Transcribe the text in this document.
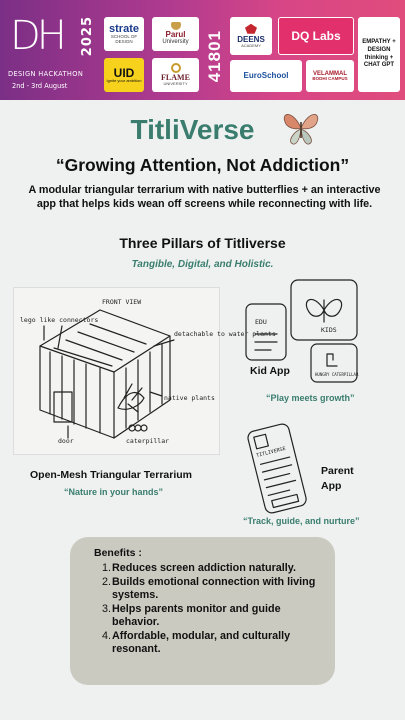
DH 2025
DESIGN HACKATHON
2nd - 3rd August
strate
SCHOOL OF DESIGN
Parul
University
UID
Ignite your ambition FLAME
UNIVERSITY
41801 DEENS
ACADEMY
DQ Labs
EuroSchool	VELAMMAL
BODHI CAMPUS
EMPATHY + DESIGN thinking + CHAT GPT
TitliVerse
“Growing Attention, Not Addiction”
A modular triangular terrarium with native butterflies + an interactive app that helps kids wean off screens while reconnecting with life.
Three Pillars of Titliverse
Tangible, Digital, and Holistic.
FRONT VIEW
lego like connectors
detachable to water plants
native plants
door	caterpillar
Open-Mesh Triangular Terrarium
“Nature in your hands”
EDU
KIDS
HUNGRY CATERPILLAR
Kid App
“Play meets growth”
TITLIVERSE
Parent
App
“Track, guide, and nurture”
Benefits :
1. Reduces screen addiction naturally.
2. Builds emotional connection with living systems.
3. Helps parents monitor and guide behavior.
4. Affordable, modular, and culturally resonant.
